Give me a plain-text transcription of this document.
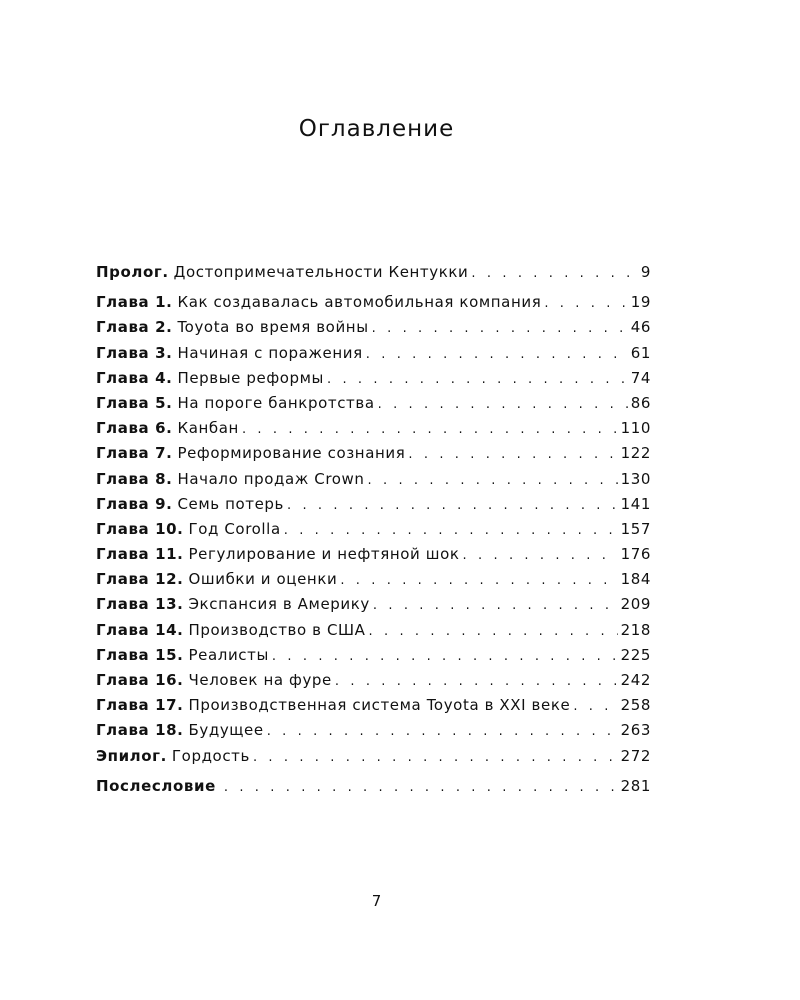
Оглавление
Пролог. Достопримечательности Кентукки . . .	9
Глава 1. Как создавалась автомобильная компания . . .	19
Глава 2. Toyota во время войны . . .	46
Глава 3. Начиная с поражения . . .	61
Глава 4. Первые реформы . . .	74
Глава 5. На пороге банкротства . . .	86
Глава 6. Канбан . . .	110
Глава 7. Реформирование сознания . . .	122
Глава 8. Начало продаж Crown . . .	130
Глава 9. Семь потерь . . .	141
Глава 10. Год Corolla . . .	157
Глава 11. Регулирование и нефтяной шок . . .	176
Глава 12. Ошибки и оценки . . .	184
Глава 13. Экспансия в Америку . . .	209
Глава 14. Производство в США . . .	218
Глава 15. Реалисты . . .	225
Глава 16. Человек на фуре . . .	242
Глава 17. Производственная система Toyota в XXI веке . . .	258
Глава 18. Будущее . . .	263
Эпилог. Гордость . . .	272
Послесловие . . .	281
7
